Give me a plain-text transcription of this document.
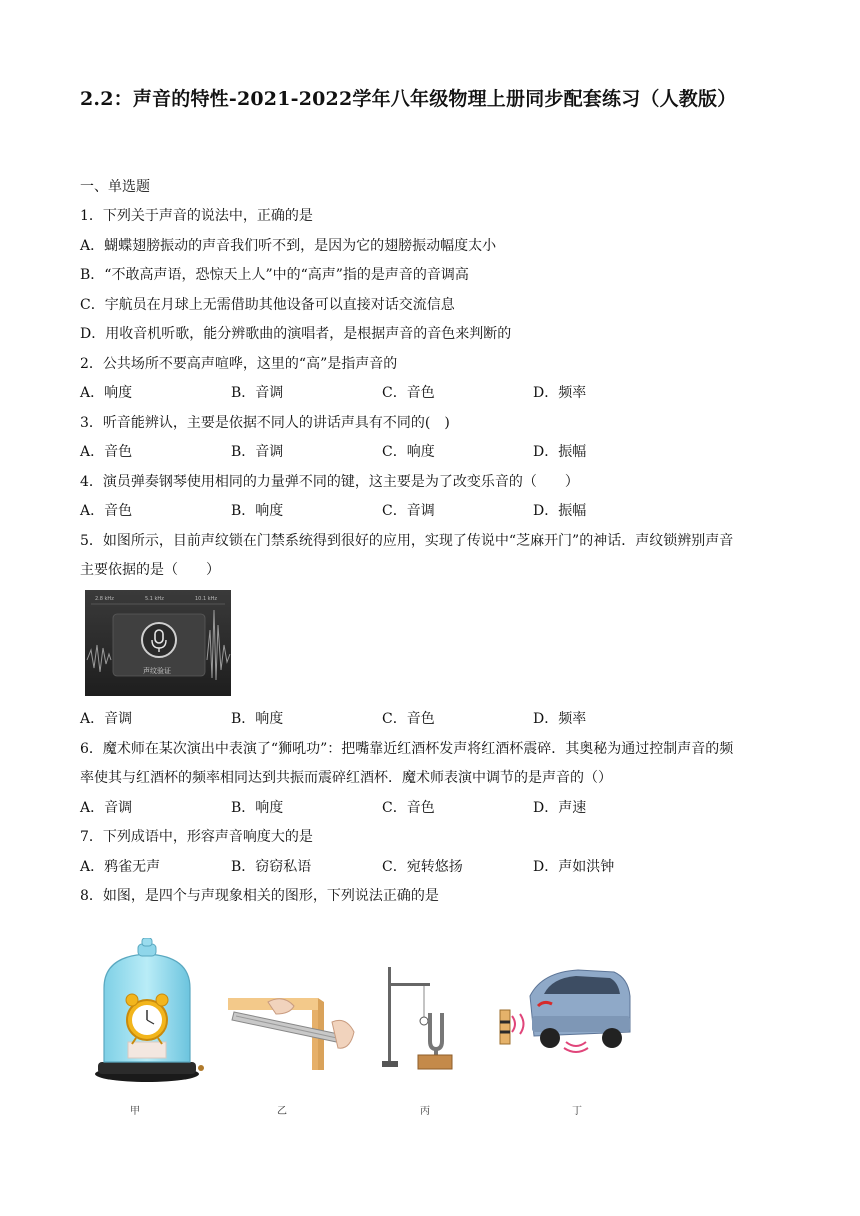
2.2：声音的特性-2021-2022学年八年级物理上册同步配套练习（人教版）
一、单选题
1．下列关于声音的说法中，正确的是
A．蝴蝶翅膀振动的声音我们听不到，是因为它的翅膀振动幅度太小
B．“不敢高声语，恐惊天上人”中的“高声”指的是声音的音调高
C．宇航员在月球上无需借助其他设备可以直接对话交流信息
D．用收音机听歌，能分辨歌曲的演唱者，是根据声音的音色来判断的
2．公共场所不要高声喧哗，这里的“高”是指声音的
A．响度	B．音调	C．音色	D．频率
3．听音能辨认，主要是依据不同人的讲话声具有不同的(　)
A．音色	B．音调	C．响度	D．振幅
4．演员弹奏钢琴使用相同的力量弹不同的键，这主要是为了改变乐音的（　　）
A．音色	B．响度	C．音调	D．振幅
5．如图所示，目前声纹锁在门禁系统得到很好的应用，实现了传说中“芝麻开门”的神话．声纹锁辨别声音
主要依据的是（　　）
2.8 kHz	5.1 kHz	10.1 kHz
声纹验证
A．音调	B．响度	C．音色	D．频率
6．魔术师在某次演出中表演了“狮吼功”：把嘴靠近红酒杯发声将红酒杯震碎．其奥秘为通过控制声音的频
率使其与红酒杯的频率相同达到共振而震碎红酒杯．魔术师表演中调节的是声音的（）
A．音调	B．响度	C．音色	D．声速
7．下列成语中，形容声音响度大的是
A．鸦雀无声	B．窃窃私语	C．宛转悠扬	D．声如洪钟
8．如图，是四个与声现象相关的图形，下列说法正确的是
甲	乙	丙	丁
